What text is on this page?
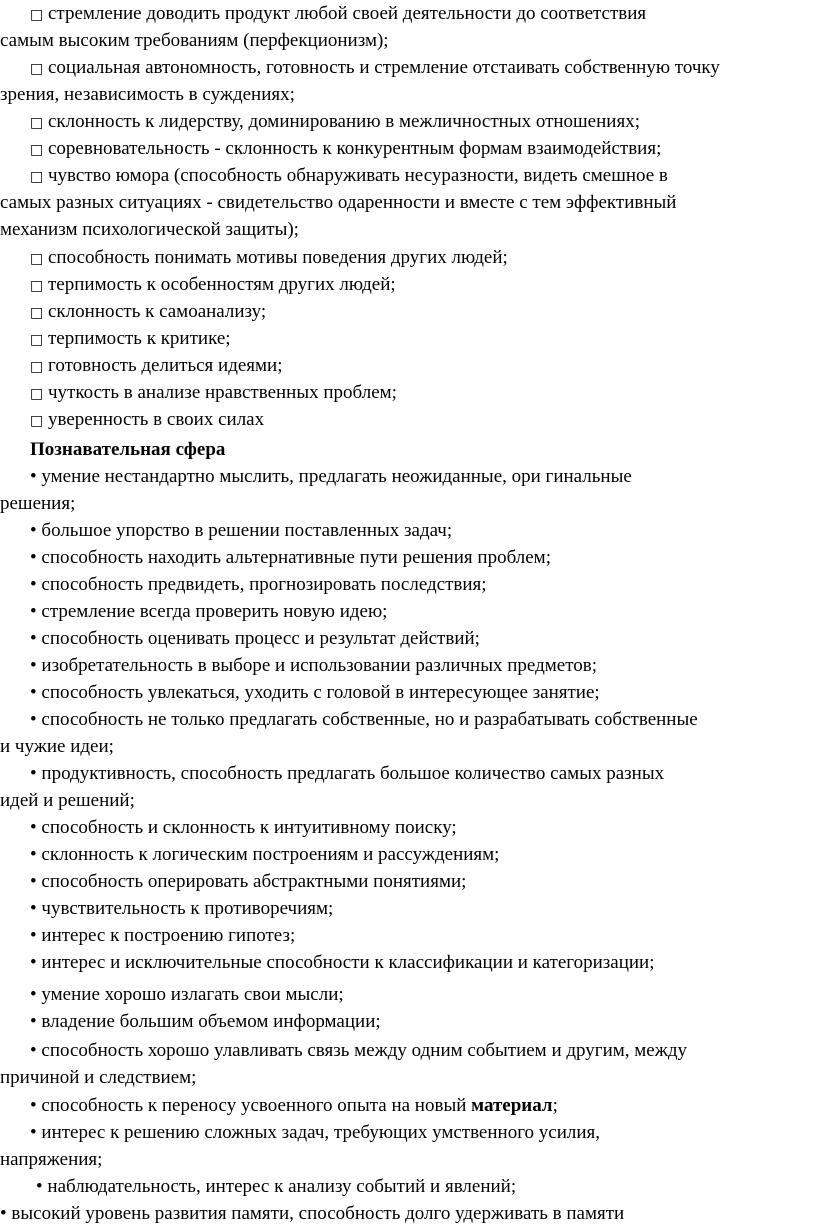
□ стремление доводить продукт любой своей деятельности до соответствия
самым высоким требованиям (перфекционизм);
□ социальная автономность, готовность и стремление отстаивать собственную точку
зрения, независимость в суждениях;
□ склонность к лидерству, доминированию в межличностных отношениях;
□ соревновательность - склонность к конкурентным формам взаимодействия;
□ чувство юмора (способность обнаруживать несуразности, видеть смешное в
самых разных ситуациях - свидетельство одаренности и вместе с тем эффективный
механизм психологической защиты);
□ способность понимать мотивы поведения других людей;
□ терпимость к особенностям других людей;
□ склонность к самоанализу;
□ терпимость к критике;
□ готовность делиться идеями;
□ чуткость в анализе нравственных проблем;
□ уверенность в своих силах
Познавательная сфера
• умение нестандартно мыслить, предлагать неожиданные, ори гинальные
решения;
• большое упорство в решении поставленных задач;
• способность находить альтернативные пути решения проблем;
• способность предвидеть, прогнозировать последствия;
• стремление всегда проверить новую идею;
• способность оценивать процесс и результат действий;
• изобретательность в выборе и использовании различных предметов;
• способность увлекаться, уходить с головой в интересующее занятие;
• способность не только предлагать собственные, но и разрабатывать собственные
и чужие идеи;
• продуктивность, способность предлагать большое количество самых разных
идей и решений;
• способность и склонность к интуитивному поиску;
• склонность к логическим построениям и рассуждениям;
• способность оперировать абстрактными понятиями;
• чувствительность к противоречиям;
• интерес к построению гипотез;
• интерес и исключительные способности к классификации и категоризации;
• умение хорошо излагать свои мысли;
• владение большим объемом информации;
• способность хорошо улавливать связь между одним событием и другим, между
причиной и следствием;
• способность к переносу усвоенного опыта на новый материал;
• интерес к решению сложных задач, требующих умственного усилия,
напряжения;
• наблюдательность, интерес к анализу событий и явлений;
• высокий уровень развития памяти, способность долго удерживать в памяти
